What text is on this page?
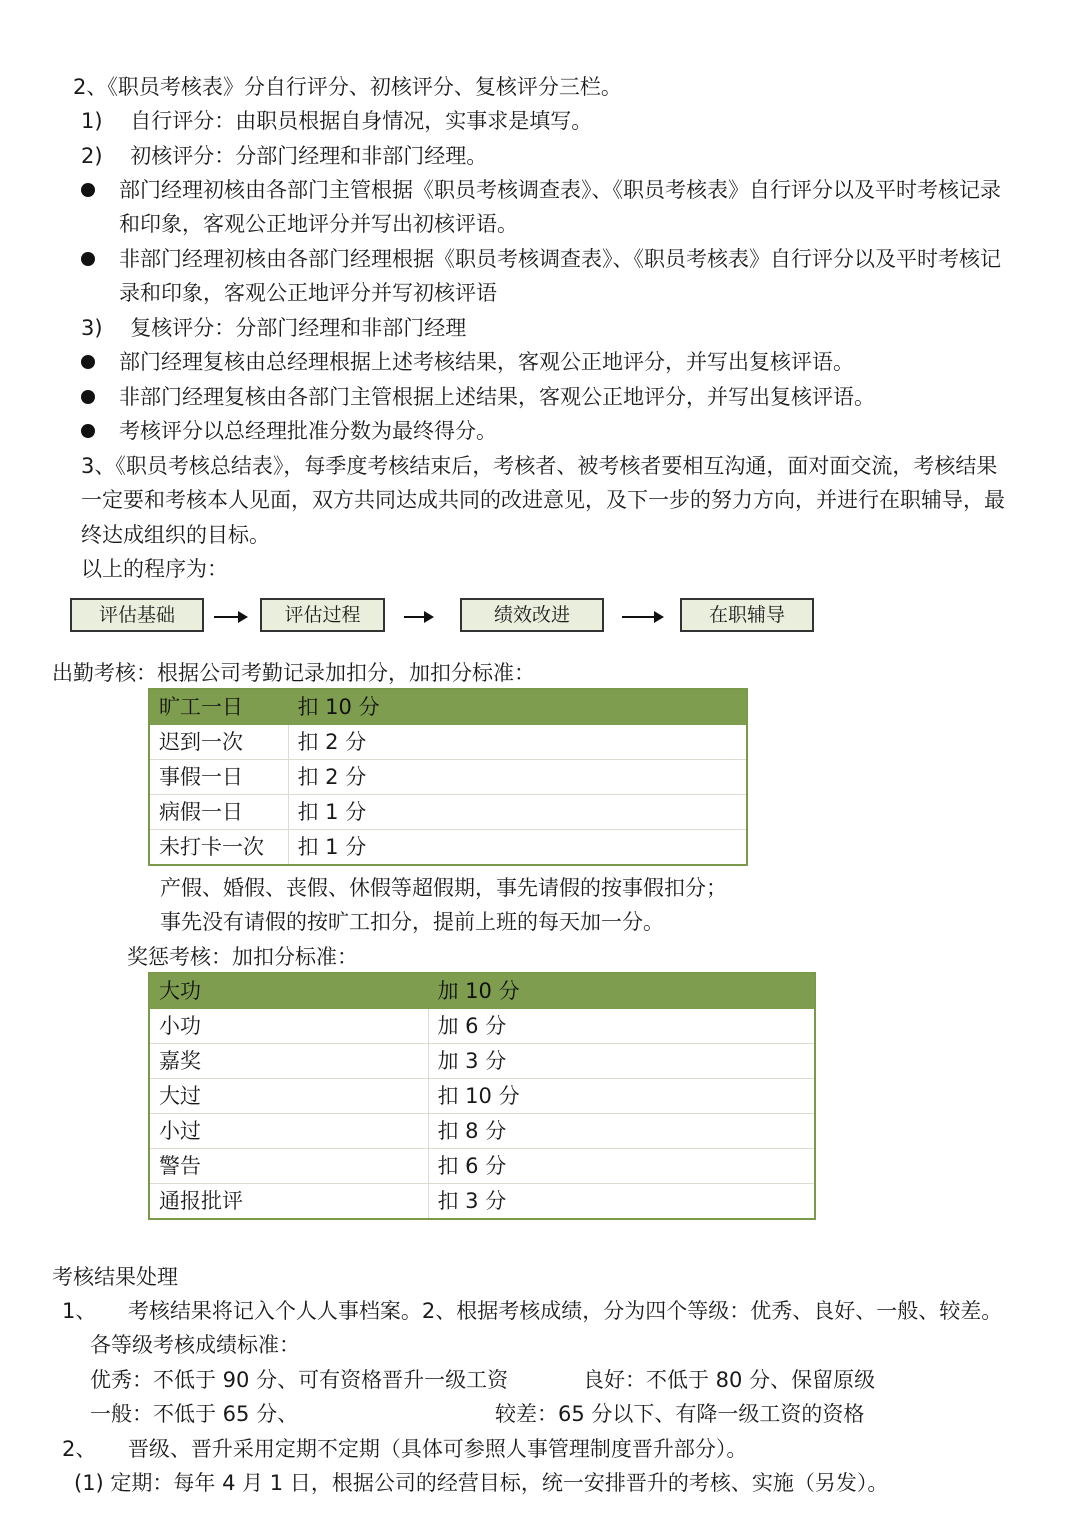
2、《职员考核表》分自行评分、初核评分、复核评分三栏。
1)　 自行评分：由职员根据自身情况，实事求是填写。
2)　 初核评分：分部门经理和非部门经理。
部门经理初核由各部门主管根据《职员考核调查表》、《职员考核表》自行评分以及平时考核记录
和印象，客观公正地评分并写出初核评语。
非部门经理初核由各部门经理根据《职员考核调查表》、《职员考核表》自行评分以及平时考核记
录和印象，客观公正地评分并写初核评语
3)　 复核评分：分部门经理和非部门经理
部门经理复核由总经理根据上述考核结果，客观公正地评分，并写出复核评语。
非部门经理复核由各部门主管根据上述结果，客观公正地评分，并写出复核评语。
考核评分以总经理批准分数为最终得分。
3、《职员考核总结表》，每季度考核结束后，考核者、被考核者要相互沟通，面对面交流，考核结果
一定要和考核本人见面，双方共同达成共同的改进意见，及下一步的努力方向，并进行在职辅导，最
终达成组织的目标。
以上的程序为：
评估基础	评估过程	绩效改进	在职辅导
出勤考核：根据公司考勤记录加扣分，加扣分标准：
旷工一日	扣 10 分
迟到一次	扣 2 分
事假一日	扣 2 分
病假一日	扣 1 分
未打卡一次	扣 1 分
产假、婚假、丧假、休假等超假期，事先请假的按事假扣分；
事先没有请假的按旷工扣分，提前上班的每天加一分。
奖惩考核：加扣分标准：
大功	加 10 分
小功	加 6 分
嘉奖	加 3 分
大过	扣 10 分
小过	扣 8 分
警告	扣 6 分
通报批评	扣 3 分
考核结果处理
1、　　考核结果将记入个人人事档案。2、根据考核成绩，分为四个等级：优秀、良好、一般、较差。
各等级考核成绩标准：
优秀：不低于 90 分、可有资格晋升一级工资	良好：不低于 80 分、保留原级
一般：不低于 65 分、	较差：65 分以下、有降一级工资的资格
2、　　晋级、晋升采用定期不定期（具体可参照人事管理制度晋升部分）。
(1) 定期：每年 4 月 1 日，根据公司的经营目标，统一安排晋升的考核、实施（另发）。
